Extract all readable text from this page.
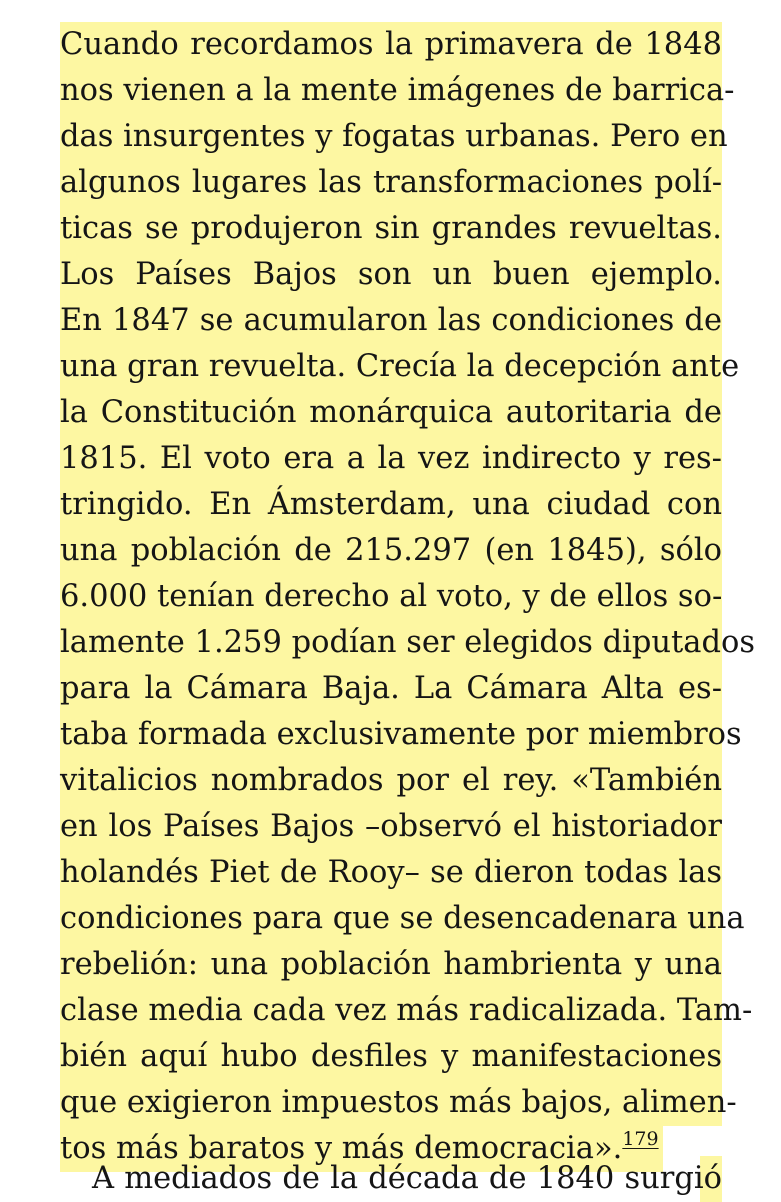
Cuando recordamos la primavera de 1848
nos vienen a la mente imágenes de barrica-
das insurgentes y fogatas urbanas. Pero en
algunos lugares las transformaciones polí-
ticas se produjeron sin grandes revueltas.
Los Países Bajos son un buen ejemplo.
En 1847 se acumularon las condiciones de
una gran revuelta. Crecía la decepción ante
la Constitución monárquica autoritaria de
1815. El voto era a la vez indirecto y res-
tringido. En Ámsterdam, una ciudad con
una población de 215.297 (en 1845), sólo
6.000 tenían derecho al voto, y de ellos so-
lamente 1.259 podían ser elegidos diputados
para la Cámara Baja. La Cámara Alta es-
taba formada exclusivamente por miembros
vitalicios nombrados por el rey. «También
en los Países Bajos –observó el historiador
holandés Piet de Rooy– se dieron todas las
condiciones para que se desencadenara una
rebelión: una población hambrienta y una
clase media cada vez más radicalizada. Tam-
bién aquí hubo desfiles y manifestaciones
que exigieron impuestos más bajos, alimen-
tos más baratos y más democracia».$^{179}$
A mediados de la década de 1840 surgió
